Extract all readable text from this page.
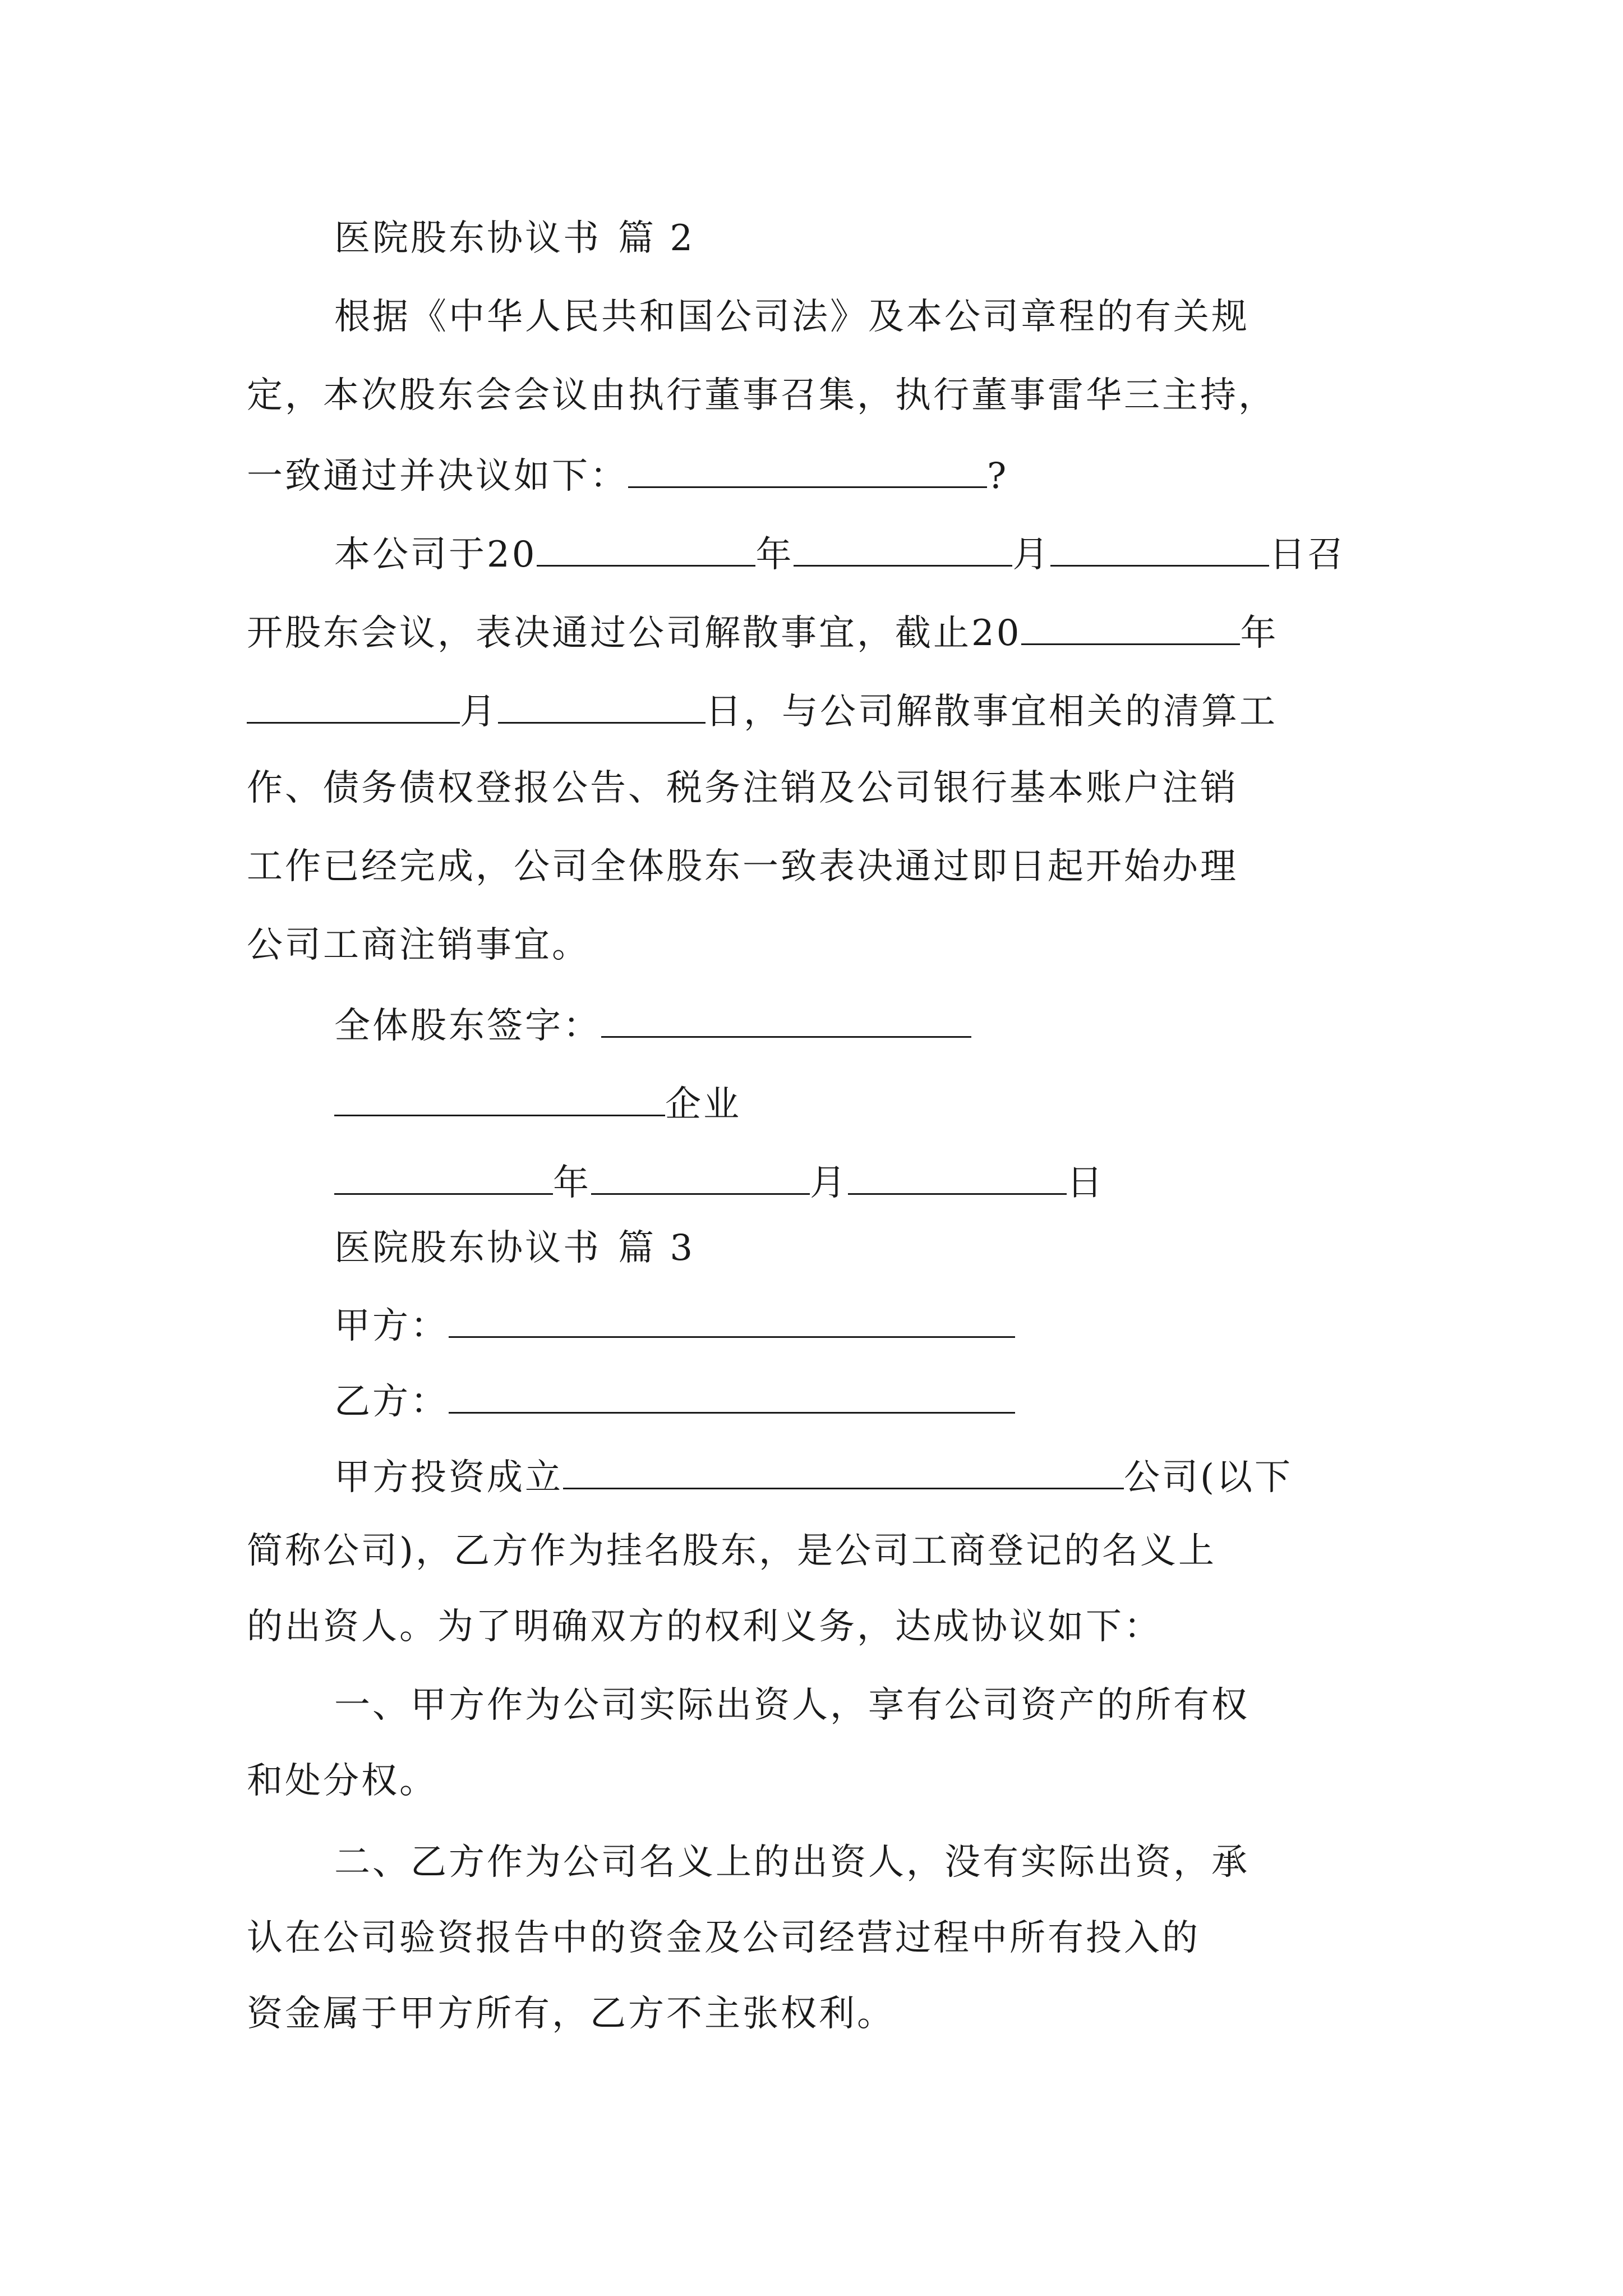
医院股东协议书 篇 2
根据《中华人民共和国公司法》及本公司章程的有关规
定，本次股东会会议由执行董事召集，执行董事雷华三主持，
一致通过并决议如下：	?
本公司于20	年	月	日召
开股东会议，表决通过公司解散事宜，截止20	年
月	日，与公司解散事宜相关的清算工
作、债务债权登报公告、税务注销及公司银行基本账户注销
工作已经完成，公司全体股东一致表决通过即日起开始办理
公司工商注销事宜。
全体股东签字：
企业
年	月	日
医院股东协议书 篇 3
甲方：
乙方：
甲方投资成立	公司(以下
简称公司)，乙方作为挂名股东，是公司工商登记的名义上
的出资人。为了明确双方的权利义务，达成协议如下：
一、甲方作为公司实际出资人，享有公司资产的所有权
和处分权。
二、乙方作为公司名义上的出资人，没有实际出资，承
认在公司验资报告中的资金及公司经营过程中所有投入的
资金属于甲方所有，乙方不主张权利。
